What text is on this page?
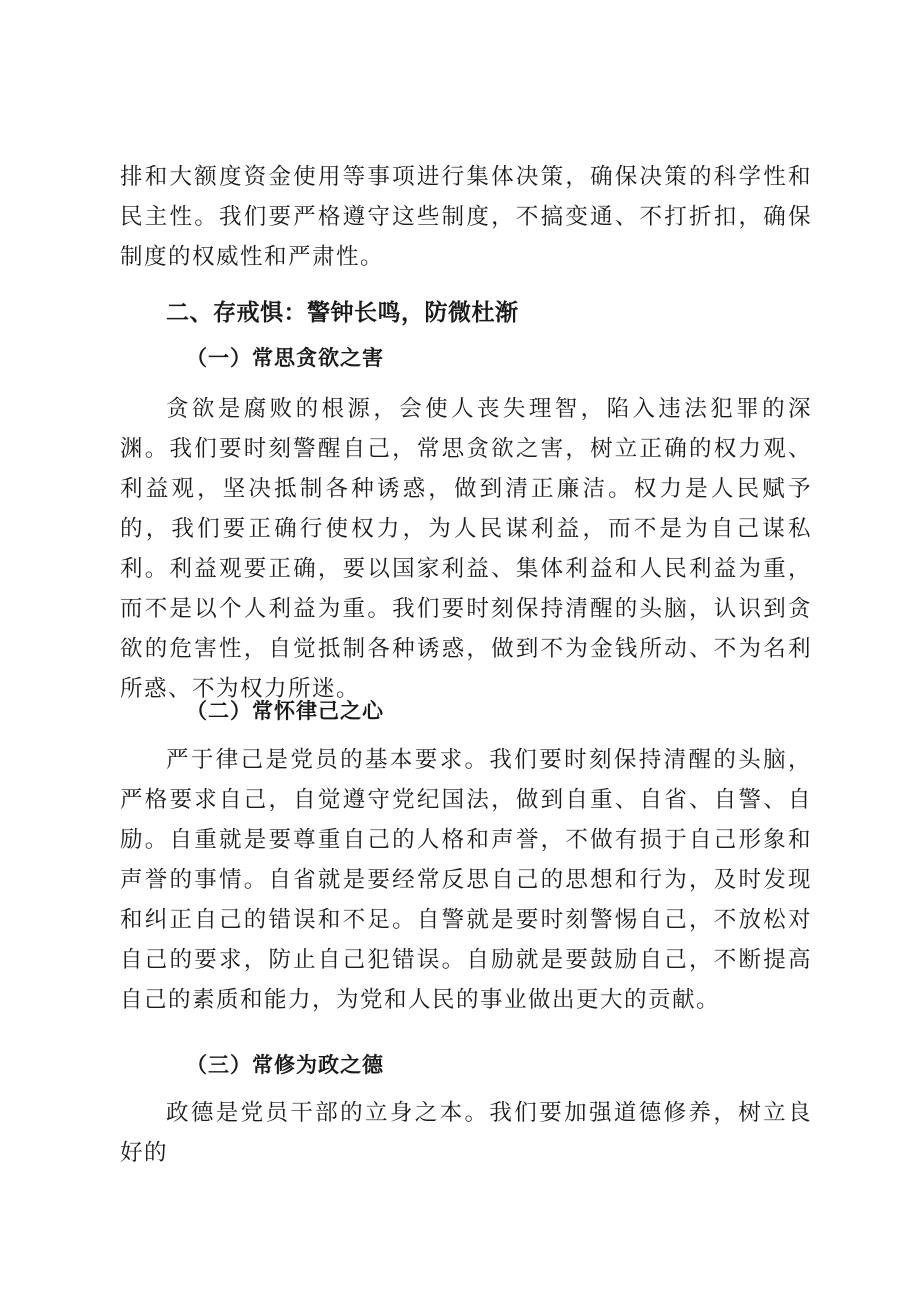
排和大额度资金使用等事项进行集体决策，确保决策的科学性和民主性。我们要严格遵守这些制度，不搞变通、不打折扣，确保制度的权威性和严肃性。

二、存戒惧：警钟长鸣，防微杜渐
（一）常思贪欲之害

贪欲是腐败的根源，会使人丧失理智，陷入违法犯罪的深渊。我们要时刻警醒自己，常思贪欲之害，树立正确的权力观、利益观，坚决抵制各种诱惑，做到清正廉洁。权力是人民赋予的，我们要正确行使权力，为人民谋利益，而不是为自己谋私利。利益观要正确，要以国家利益、集体利益和人民利益为重，而不是以个人利益为重。我们要时刻保持清醒的头脑，认识到贪欲的危害性，自觉抵制各种诱惑，做到不为金钱所动、不为名利所惑、不为权力所迷。

（二）常怀律己之心

严于律己是党员的基本要求。我们要时刻保持清醒的头脑，严格要求自己，自觉遵守党纪国法，做到自重、自省、自警、自励。自重就是要尊重自己的人格和声誉，不做有损于自己形象和声誉的事情。自省就是要经常反思自己的思想和行为，及时发现和纠正自己的错误和不足。自警就是要时刻警惕自己，不放松对自己的要求，防止自己犯错误。自励就是要鼓励自己，不断提高自己的素质和能力，为党和人民的事业做出更大的贡献。

（三）常修为政之德

政德是党员干部的立身之本。我们要加强道德修养，树立良好的
